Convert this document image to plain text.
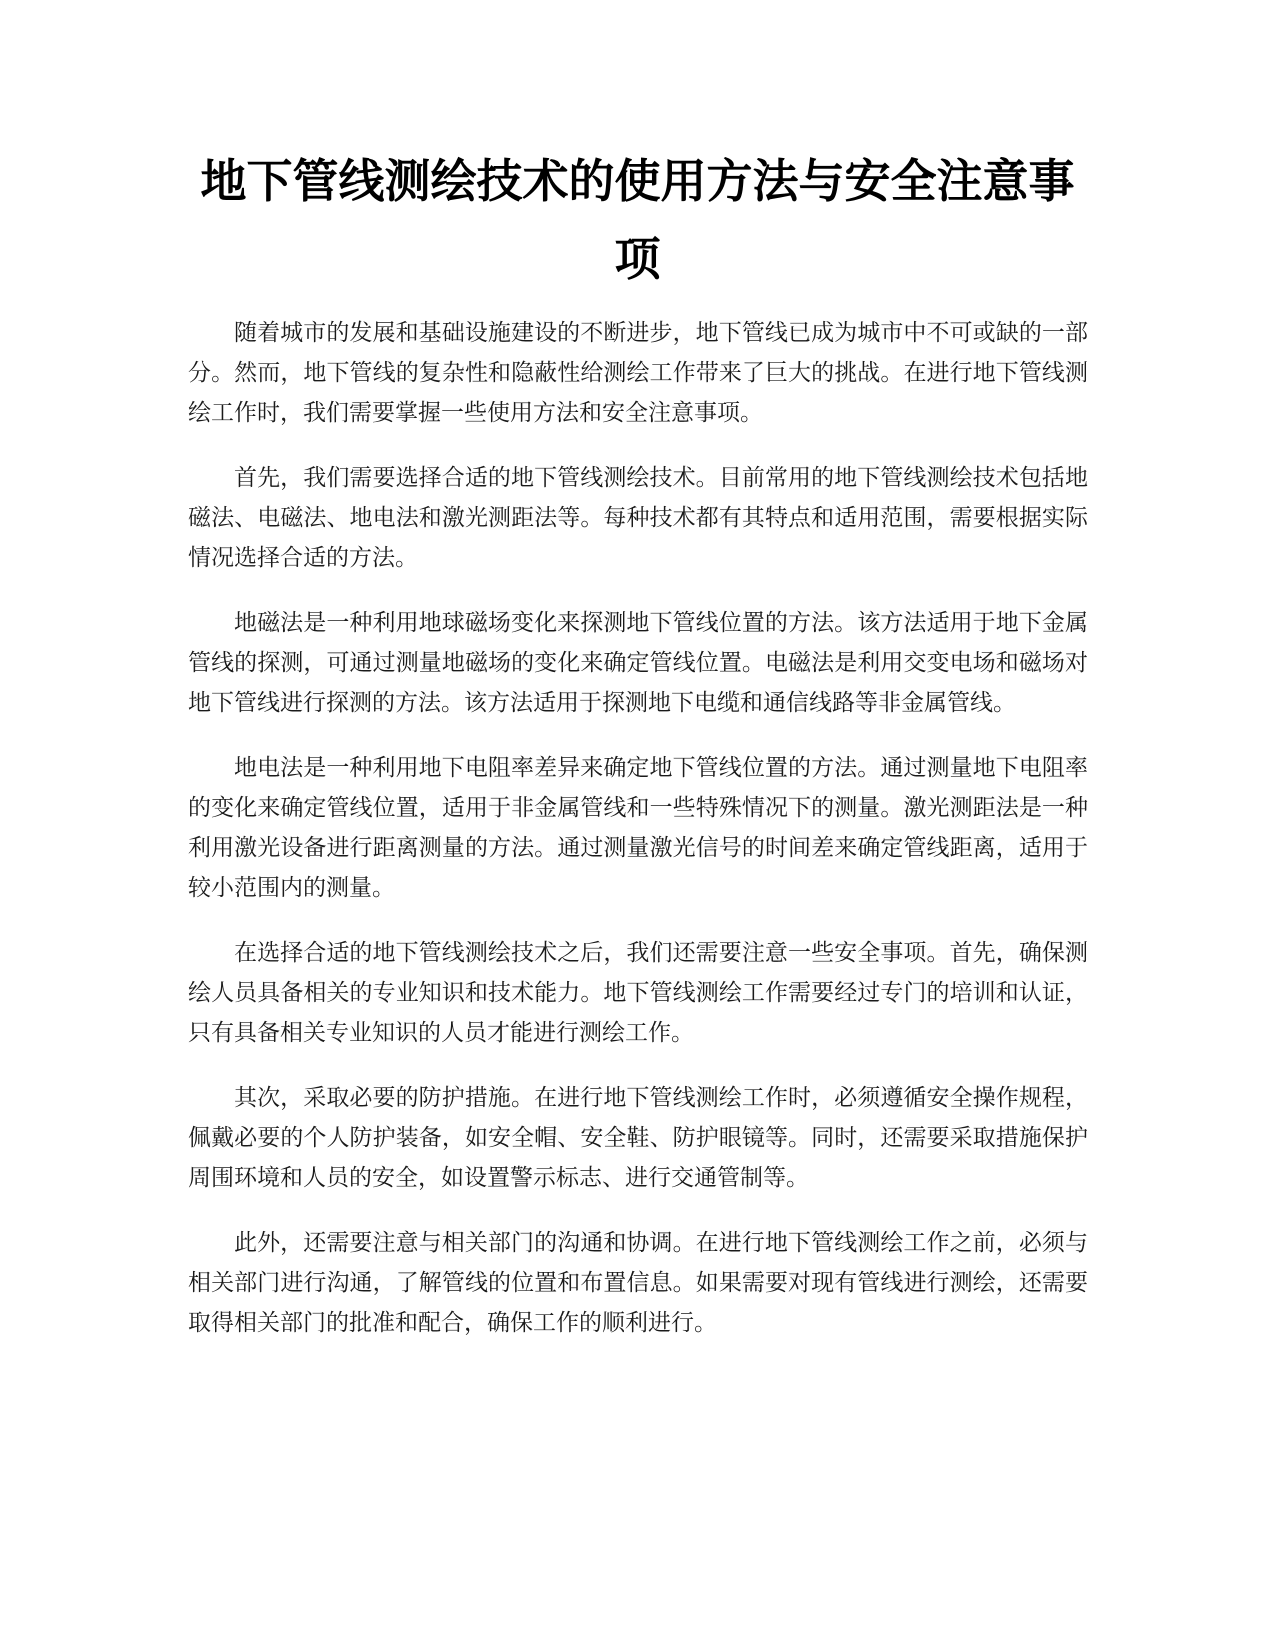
地下管线测绘技术的使用方法与安全注意事项

随着城市的发展和基础设施建设的不断进步，地下管线已成为城市中不可或缺的一部分。然而，地下管线的复杂性和隐蔽性给测绘工作带来了巨大的挑战。在进行地下管线测绘工作时，我们需要掌握一些使用方法和安全注意事项。

首先，我们需要选择合适的地下管线测绘技术。目前常用的地下管线测绘技术包括地磁法、电磁法、地电法和激光测距法等。每种技术都有其特点和适用范围，需要根据实际情况选择合适的方法。

地磁法是一种利用地球磁场变化来探测地下管线位置的方法。该方法适用于地下金属管线的探测，可通过测量地磁场的变化来确定管线位置。电磁法是利用交变电场和磁场对地下管线进行探测的方法。该方法适用于探测地下电缆和通信线路等非金属管线。

地电法是一种利用地下电阻率差异来确定地下管线位置的方法。通过测量地下电阻率的变化来确定管线位置，适用于非金属管线和一些特殊情况下的测量。激光测距法是一种利用激光设备进行距离测量的方法。通过测量激光信号的时间差来确定管线距离，适用于较小范围内的测量。

在选择合适的地下管线测绘技术之后，我们还需要注意一些安全事项。首先，确保测绘人员具备相关的专业知识和技术能力。地下管线测绘工作需要经过专门的培训和认证，只有具备相关专业知识的人员才能进行测绘工作。

其次，采取必要的防护措施。在进行地下管线测绘工作时，必须遵循安全操作规程，佩戴必要的个人防护装备，如安全帽、安全鞋、防护眼镜等。同时，还需要采取措施保护周围环境和人员的安全，如设置警示标志、进行交通管制等。

此外，还需要注意与相关部门的沟通和协调。在进行地下管线测绘工作之前，必须与相关部门进行沟通，了解管线的位置和布置信息。如果需要对现有管线进行测绘，还需要取得相关部门的批准和配合，确保工作的顺利进行。
